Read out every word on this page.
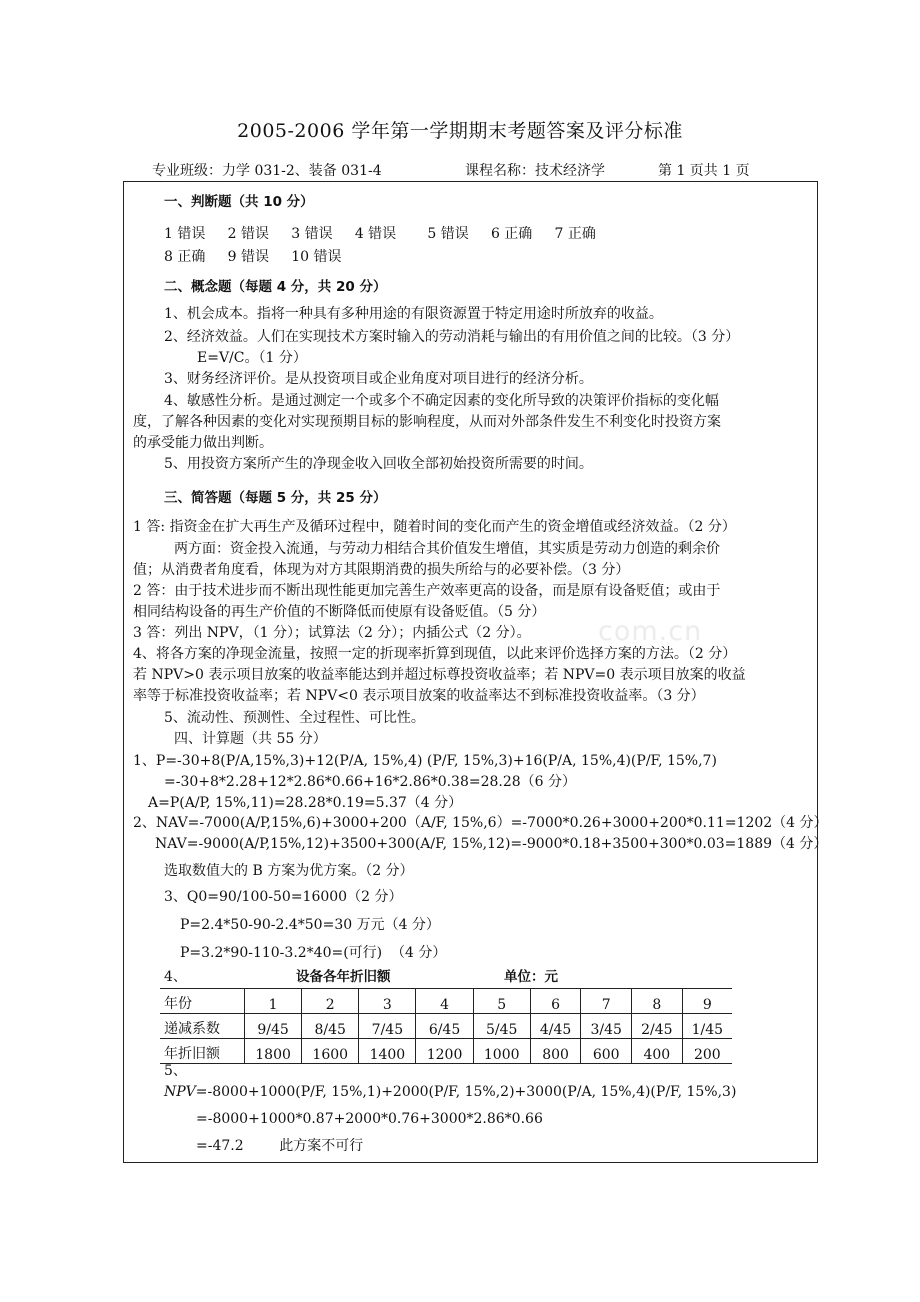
2005-2006 学年第一学期期末考题答案及评分标准
专业班级：力学 031-2、装备 031-4	课程名称：技术经济学	第 1 页共 1 页
com.cn
一、判断题（共 10 分）
1 错误     2 错误     3 错误     4 错误       5 错误     6 正确     7 正确
8 正确     9 错误     10 错误
二、概念题（每题 4 分，共 20 分）
1、机会成本。指将一种具有多种用途的有限资源置于特定用途时所放弃的收益。
2、经济效益。人们在实现技术方案时输入的劳动消耗与输出的有用价值之间的比较。（3 分）
E=V/C。（1 分）
3、财务经济评价。是从投资项目或企业角度对项目进行的经济分析。
4、敏感性分析。是通过测定一个或多个不确定因素的变化所导致的决策评价指标的变化幅
度，了解各种因素的变化对实现预期目标的影响程度，从而对外部条件发生不利变化时投资方案
的承受能力做出判断。
5、用投资方案所产生的净现金收入回收全部初始投资所需要的时间。
三、简答题（每题 5 分，共 25 分）
1 答: 指资金在扩大再生产及循环过程中，随着时间的变化而产生的资金增值或经济效益。（2 分）
两方面：资金投入流通，与劳动力相结合其价值发生增值，其实质是劳动力创造的剩余价
值；从消费者角度看，体现为对方其限期消费的损失所给与的必要补偿。（3 分）
2 答：由于技术进步而不断出现性能更加完善生产效率更高的设备，而是原有设备贬值；或由于
相同结构设备的再生产价值的不断降低而使原有设备贬值。（5 分）
3 答：列出 NPV，（1 分）；试算法（2 分）；内插公式（2 分）。
4、将各方案的净现金流量，按照一定的折现率折算到现值，以此来评价选择方案的方法。（2 分）
若 NPV>0 表示项目放案的收益率能达到并超过标尊投资收益率；若 NPV=0 表示项目放案的收益
率等于标准投资收益率；若 NPV<0 表示项目放案的收益率达不到标准投资收益率。（3 分）
5、流动性、预测性、全过程性、可比性。
四、计算题（共 55 分）
1、P=-30+8(P/A,15%,3)+12(P/A, 15%,4) (P/F, 15%,3)+16(P/A, 15%,4)(P/F, 15%,7)
=-30+8*2.28+12*2.86*0.66+16*2.86*0.38=28.28（6 分）
A=P(A/P, 15%,11)=28.28*0.19=5.37（4 分）
2、NAV=-7000(A/P,15%,6)+3000+200（A/F, 15%,6）=-7000*0.26+3000+200*0.11=1202（4 分）
NAV=-9000(A/P,15%,12)+3500+300(A/F, 15%,12)=-9000*0.18+3500+300*0.03=1889（4 分）
选取数值大的 B 方案为优方案。（2 分）
3、Q0=90/100-50=16000（2 分）
P=2.4*50-90-2.4*50=30 万元（4 分）
P=3.2*90-110-3.2*40=(可行)  （4 分）
4、	设备各年折旧额	单位：元
年份	1	2	3	4	5	6	7	8	9
递减系数	9/45	8/45	7/45	6/45	5/45	4/45	3/45	2/45	1/45
年折旧额	1800	1600	1400	1200	1000	800	600	400	200
5、
NPV=-8000+1000(P/F, 15%,1)+2000(P/F, 15%,2)+3000(P/A, 15%,4)(P/F, 15%,3)
=-8000+1000*0.87+2000*0.76+3000*2.86*0.66
=-47.2        此方案不可行
